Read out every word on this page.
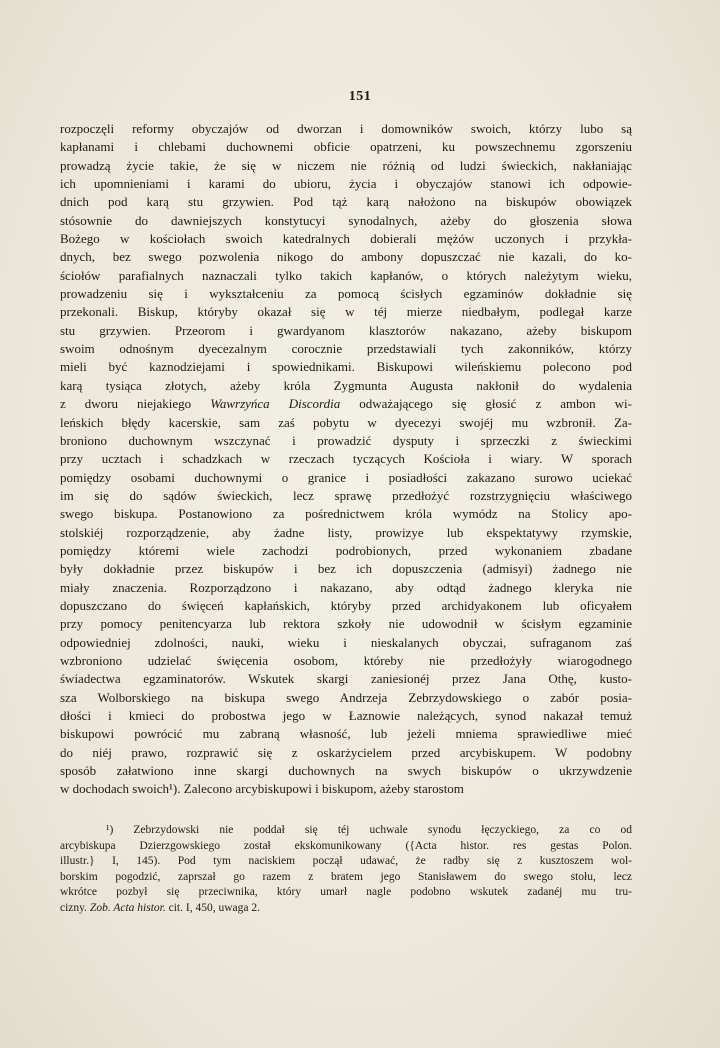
151
rozpoczęli reformy obyczajów od dworzan i domowników swoich, którzy lubo są
kapłanami i chlebami duchownemi obficie opatrzeni, ku powszechnemu zgorszeniu
prowadzą życie takie, że się w niczem nie różnią od ludzi świeckich, nakłaniając
ich upomnieniami i karami do ubioru, życia i obyczajów stanowi ich odpowie-
dnich pod karą stu grzywien. Pod tąż karą nałożono na biskupów obowiązek
stósownie do dawniejszych konstytucyi synodalnych, ażeby do głoszenia słowa
Bożego w kościołach swoich katedralnych dobierali mężów uczonych i przykła-
dnych, bez swego pozwolenia nikogo do ambony dopuszczać nie kazali, do ko-
ściołów parafialnych naznaczali tylko takich kapłanów, o których należytym wieku,
prowadzeniu się i wykształceniu za pomocą ścisłych egzaminów dokładnie się
przekonali. Biskup, któryby okazał się w téj mierze niedbałym, podlegał karze
stu grzywien. Przeorom i gwardyanom klasztorów nakazano, ażeby biskupom
swoim odnośnym dyecezalnym corocznie przedstawiali tych zakonników, którzy
mieli być kaznodziejami i spowiednikami. Biskupowi wileńskiemu polecono pod
karą tysiąca złotych, ażeby króla Zygmunta Augusta nakłonił do wydalenia
z dworu niejakiego Wawrzyńca Discordia odważającego się głosić z ambon wi-
leńskich błędy kacerskie, sam zaś pobytu w dyecezyi swojéj mu wzbronił. Za-
broniono duchownym wszczynać i prowadzić dysputy i sprzeczki z świeckimi
przy ucztach i schadzkach w rzeczach tyczących Kościoła i wiary. W sporach
pomiędzy osobami duchownymi o granice i posiadłości zakazano surowo uciekać
im się do sądów świeckich, lecz sprawę przedłożyć rozstrzygnięciu właściwego
swego biskupa. Postanowiono za pośrednictwem króla wymódz na Stolicy apo-
stolskiéj rozporządzenie, aby żadne listy, prowizye lub ekspektatywy rzymskie,
pomiędzy któremi wiele zachodzi podrobionych, przed wykonaniem zbadane
były dokładnie przez biskupów i bez ich dopuszczenia (admisyi) żadnego nie
miały znaczenia. Rozporządzono i nakazano, aby odtąd żadnego kleryka nie
dopuszczano do święceń kapłańskich, któryby przed archidyakonem lub oficyałem
przy pomocy penitencyarza lub rektora szkoły nie udowodnił w ścisłym egzaminie
odpowiedniej zdolności, nauki, wieku i nieskalanych obyczai, sufraganom zaś
wzbroniono udzielać święcenia osobom, któreby nie przedłożyły wiarogodnego
świadectwa egzaminatorów. Wskutek skargi zaniesionéj przez Jana Othę, kusto-
sza Wolborskiego na biskupa swego Andrzeja Zebrzydowskiego o zabór posia-
dłości i kmieci do probostwa jego w Łaznowie należących, synod nakazał temuż
biskupowi powrócić mu zabraną własność, lub jeżeli mniema sprawiedliwe mieć
do niéj prawo, rozprawić się z oskarżycielem przed arcybiskupem. W podobny
sposób załatwiono inne skargi duchownych na swych biskupów o ukrzywdzenie
w dochodach swoich¹). Zalecono arcybiskupowi i biskupom, ażeby starostom
¹) Zebrzydowski nie poddał się téj uchwale synodu łęczyckiego, za co od
arcybiskupa Dzierzgowskiego został ekskomunikowany ({Acta histor. res gestas Polon.
illustr.} I, 145). Pod tym naciskiem począł udawać, że radby się z kusztoszem wol-
borskim pogodzić, zaprszał go razem z bratem jego Stanisławem do swego stołu, lecz
wkrótce pozbył się przeciwnika, który umarł nagle podobno wskutek zadanéj mu tru-
cizny. Zob. Acta histor. cit. I, 450, uwaga 2.
